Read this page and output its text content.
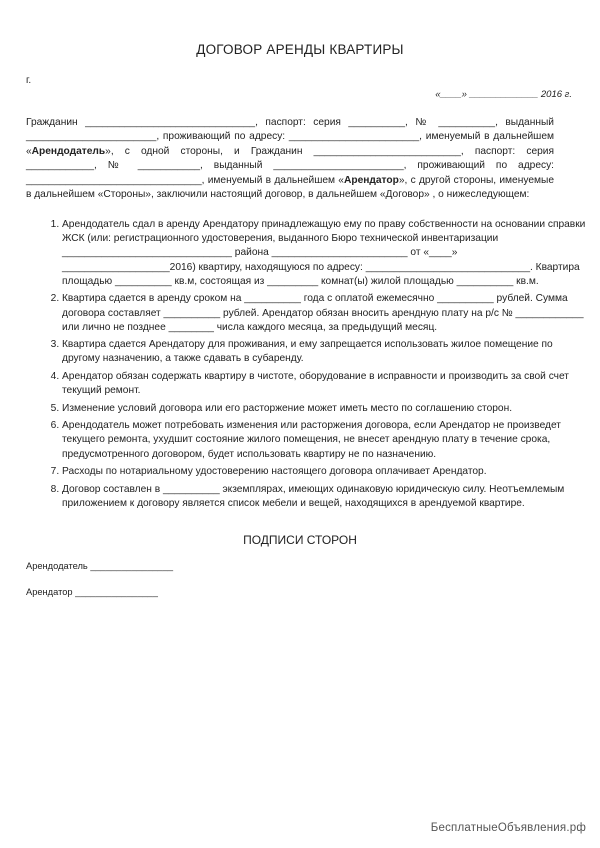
ДОГОВОР АРЕНДЫ КВАРТИРЫ
г.
«____» _____________ 2016 г.

Гражданин ______________________________, паспорт: серия __________, № __________, выданный _______________________, проживающий по адресу: _______________________, именуемый в дальнейшем «Арендодатель», с одной стороны, и Гражданин __________________________, паспорт: серия ____________, № ___________, выданный _______________________, проживающий по адресу: _______________________________, именуемый в дальнейшем «Арендатор», с другой стороны, именуемые в дальнейшем «Стороны», заключили настоящий договор, в дальнейшем «Договор» , о нижеследующем:

1. Арендодатель сдал в аренду Арендатору принадлежащую ему по праву собственности на основании справки ЖСК (или: регистрационного удостоверения, выданного Бюро технической инвентаризации ______________________________ района ________________________ от «____» ___________________2016) квартиру, находящуюся по адресу: _____________________________. Квартира площадью __________ кв.м, состоящая из _________ комнат(ы) жилой площадью __________ кв.м.
2. Квартира сдается в аренду сроком на __________ года с оплатой ежемесячно __________ рублей. Сумма договора составляет __________ рублей. Арендатор обязан вносить арендную плату на р/с № ____________ или лично не позднее ________ числа каждого месяца, за предыдущий месяц.
3. Квартира сдается Арендатору для проживания, и ему запрещается использовать жилое помещение по другому назначению, а также сдавать в субаренду.
4. Арендатор обязан содержать квартиру в чистоте, оборудование в исправности и производить за свой счет текущий ремонт.
5. Изменение условий договора или его расторжение может иметь место по соглашению сторон.
6. Арендодатель может потребовать изменения или расторжения договора, если Арендатор не произведет текущего ремонта, ухудшит состояние жилого помещения, не внесет арендную плату в течение срока, предусмотренного договором, будет использовать квартиру не по назначению.
7. Расходы по нотариальному удостоверению настоящего договора оплачивает Арендатор.
8. Договор составлен в __________ экземплярах, имеющих одинаковую юридическую силу. Неотъемлемым приложением к договору является список мебели и вещей, находящихся в арендуемой квартире.
ПОДПИСИ СТОРОН
Арендодатель ________________
Арендатор ________________
БесплатныеОбъявления.рф
